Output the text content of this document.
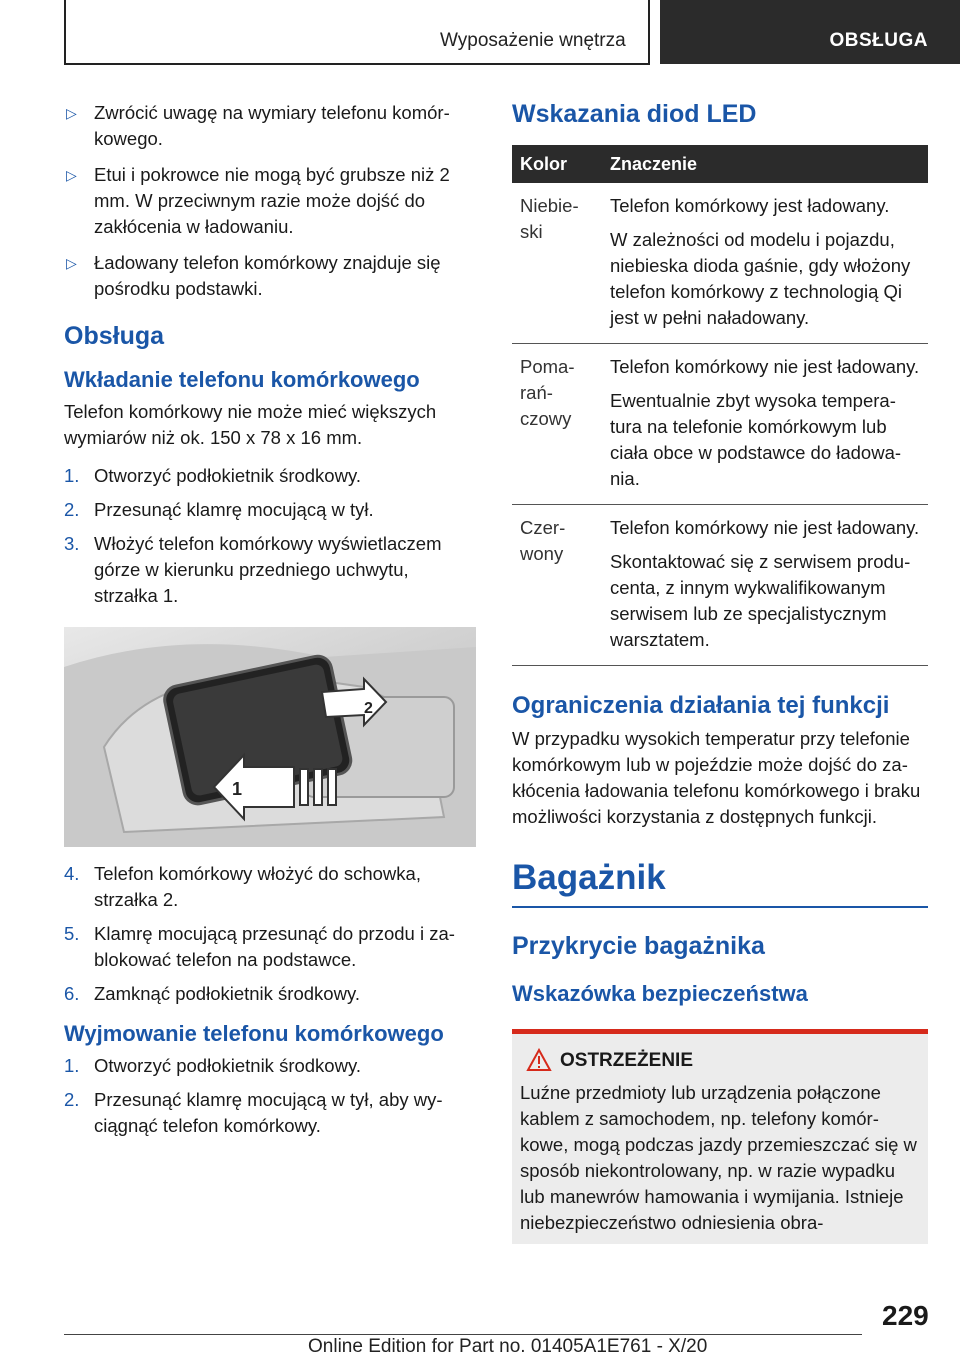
Wyposażenie wnętrza	OBSŁUGA
▷ Zwrócić uwagę na wymiary telefonu komórkowego.
▷ Etui i pokrowce nie mogą być grubsze niż 2 mm. W przeciwnym razie może dojść do zakłócenia w ładowaniu.
▷ Ładowany telefon komórkowy znajduje się pośrodku podstawki.
Obsługa
Wkładanie telefonu komórkowego

Telefon komórkowy nie może mieć większych wymiarów niż ok. 150 x 78 x 16 mm.

1. Otworzyć podłokietnik środkowy.
2. Przesunąć klamrę mocującą w tył.
3. Włożyć telefon komórkowy wyświetlaczem górze w kierunku przedniego uchwytu, strzałka 1.
2
1
4. Telefon komórkowy włożyć do schowka, strzałka 2.
5. Klamrę mocującą przesunąć do przodu i zablokować telefon na podstawce.
6. Zamknąć podłokietnik środkowy.
Wyjmowanie telefonu komórkowego
1. Otworzyć podłokietnik środkowy.
2. Przesunąć klamrę mocującą w tył, aby wyciągnąć telefon komórkowy.
Wskazania diod LED
Kolor	Znaczenie
Niebieski	Telefon komórkowy jest ładowany.

W zależności od modelu i pojazdu, niebieska dioda gaśnie, gdy włożony telefon komórkowy z technologią Qi jest w pełni naładowany.

Pomarańczowy	Telefon komórkowy nie jest ładowany.

Ewentualnie zbyt wysoka temperatura na telefonie komórkowym lub ciała obce w podstawce do ładowania.

Czerwony	Telefon komórkowy nie jest ładowany.

Skontaktować się z serwisem producenta, z innym wykwalifikowanym serwisem lub ze specjalistycznym warsztatem.

Ograniczenia działania tej funkcji

W przypadku wysokich temperatur przy telefonie komórkowym lub w pojeździe może dojść do zakłócenia ładowania telefonu komórkowego i braku możliwości korzystania z dostępnych funkcji.

Bagażnik
Przykrycie bagażnika
Wskazówka bezpieczeństwa
OSTRZEŻENIE

Luźne przedmioty lub urządzenia połączone kablem z samochodem, np. telefony komórkowe, mogą podczas jazdy przemieszczać się w sposób niekontrolowany, np. w razie wypadku lub manewrów hamowania i wymijania. Istnieje niebezpieczeństwo odniesienia obra-

229
Online Edition for Part no. 01405A1E761 - X/20
